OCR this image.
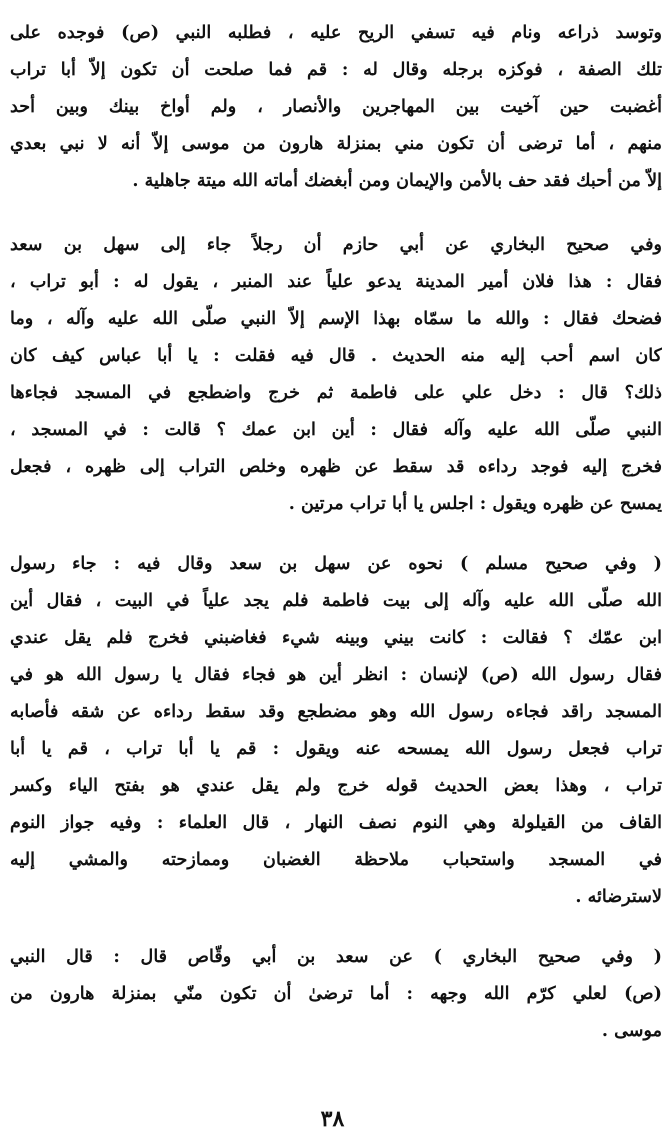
وتوسد ذراعه ونام فيه تسفي الريح عليه ، فطلبه النبي (ص) فوجده على
تلك الصفة ، فوكزه برجله وقال له : قم فما صلحت أن تكون إلاّ أبا تراب
أغضبت حين آخيت بين المهاجرين والأنصار ، ولم أواخ بينك وبين أحد
منهم ، أما ترضى أن تكون مني بمنزلة هارون من موسى إلاّ أنه لا نبي بعدي
إلاّ من أحبك فقد حف بالأمن والإيمان ومن أبغضك أماته الله ميتة جاهلية .
وفي صحيح البخاري عن أبي حازم أن رجلاً جاء إلى سهل بن سعد
فقال : هذا فلان أمير المدينة يدعو علياً عند المنبر ، يقول له : أبو تراب ،
فضحك فقال : والله ما سمّاه بهذا الإسم إلاّ النبي صلّى الله عليه وآله ، وما
كان اسم أحب إليه منه الحديث . قال فيه فقلت : يا أبا عباس كيف كان
ذلك؟ قال : دخل علي على فاطمة ثم خرج واضطجع في المسجد فجاءها
النبي صلّى الله عليه وآله فقال : أين ابن عمك ؟ قالت : في المسجد ،
فخرج إليه فوجد رداءه قد سقط عن ظهره وخلص التراب إلى ظهره ، فجعل
يمسح عن ظهره ويقول : اجلس يا أبا تراب مرتين .
( وفي صحيح مسلم ) نحوه عن سهل بن سعد وقال فيه : جاء رسول
الله صلّى الله عليه وآله إلى بيت فاطمة فلم يجد علياً في البيت ، فقال أين
ابن عمّك ؟ فقالت : كانت بيني وبينه شيء فغاضبني فخرج فلم يقل عندي
فقال رسول الله (ص) لإنسان : انظر أين هو فجاء فقال يا رسول الله هو في
المسجد راقد فجاءه رسول الله وهو مضطجع وقد سقط رداءه عن شقه فأصابه
تراب فجعل رسول الله يمسحه عنه ويقول : قم يا أبا تراب ، قم يا أبا
تراب ، وهذا بعض الحديث قوله خرج ولم يقل عندي هو بفتح الياء وكسر
القاف من القيلولة وهي النوم نصف النهار ، قال العلماء : وفيه جواز النوم
في المسجد واستحباب ملاحظة الغضبان وممازحته والمشي إليه
لاسترضائه .
( وفي صحيح البخاري ) عن سعد بن أبي وقّاص قال : قال النبي
(ص) لعلي كرّم الله وجهه : أما ترضىٰ أن تكون منّي بمنزلة هارون من
موسى .
٣٨
